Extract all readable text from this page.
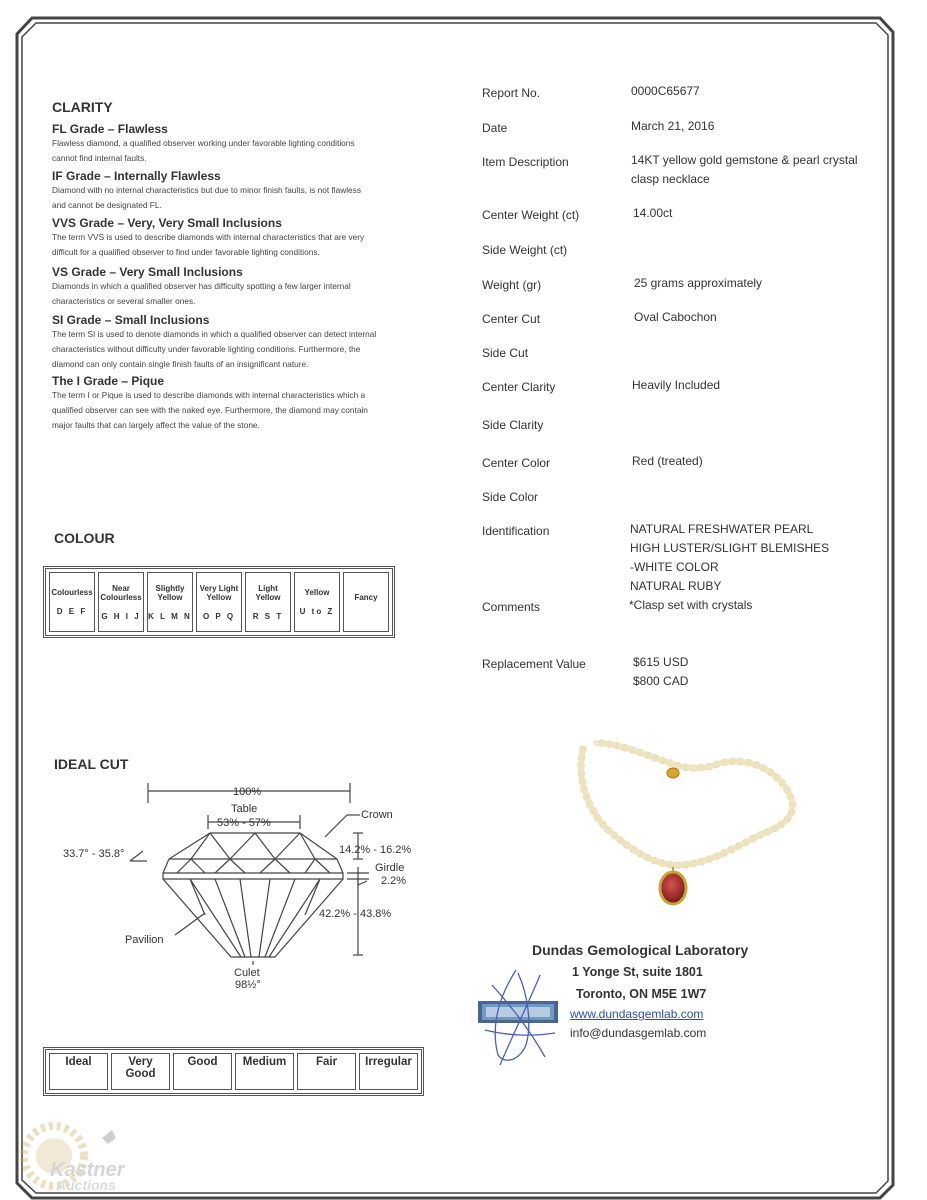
CLARITY
FL Grade – Flawless
Flawless diamond, a qualified observer working under favorable lighting conditions
cannot find internal faults.
IF Grade – Internally Flawless
Diamond with no internal characteristics but due to minor finish faults, is not flawless
and cannot be designated FL.
VVS Grade – Very, Very Small Inclusions
The term VVS is used to describe diamonds with internal characteristics that are very
difficult for a qualified observer to find under favorable lighting conditions.
VS Grade – Very Small Inclusions
Diamonds in which a qualified observer has difficulty spotting a few larger internal
characteristics or several smaller ones.
SI Grade – Small Inclusions
The term SI is used to denote diamonds in which a qualified observer can detect internal
characteristics without difficulty under favorable lighting conditions. Furthermore, the
diamond can only contain single finish faults of an insignificant nature.
The I Grade – Pique
The term I or Pique is used to describe diamonds with internal characteristics which a
qualified observer can see with the naked eye. Furthermore, the diamond may contain
major faults that can largely affect the value of the stone.
COLOUR
Colourless
D E F
	Near Colourless
G H I J
	Slightly Yellow
K L M N
	Very Light Yellow
O P Q
	Light Yellow
R S T
	Yellow
U to Z
	Fancy
IDEAL CUT
100%
Table
53% - 57%
Crown
33.7° - 35.8°	14.2% - 16.2%
Girdle
2.2%
42.2% - 43.8%
Pavilion
Culet
98½°
Ideal	Very Good	Good	Medium	Fair	Irregular
Report No.	0000C65677
Date	March 21, 2016
Item Description	14KT yellow gold gemstone & pearl crystal
clasp necklace
Center Weight (ct)	14.00ct
Side Weight (ct)
Weight (gr)	25 grams approximately
Center Cut	Oval Cabochon
Side Cut
Center Clarity	Heavily Included
Side Clarity
Center Color	Red (treated)
Side Color
Identification	NATURAL FRESHWATER PEARL
HIGH LUSTER/SLIGHT BLEMISHES
-WHITE COLOR
NATURAL RUBY
Comments	*Clasp set with crystals
Replacement Value	$615 USD
$800 CAD
Dundas Gemological Laboratory
1 Yonge St, suite 1801
Toronto, ON M5E 1W7
www.dundasgemlab.com
info@dundasgemlab.com
Kastner
Auctions
